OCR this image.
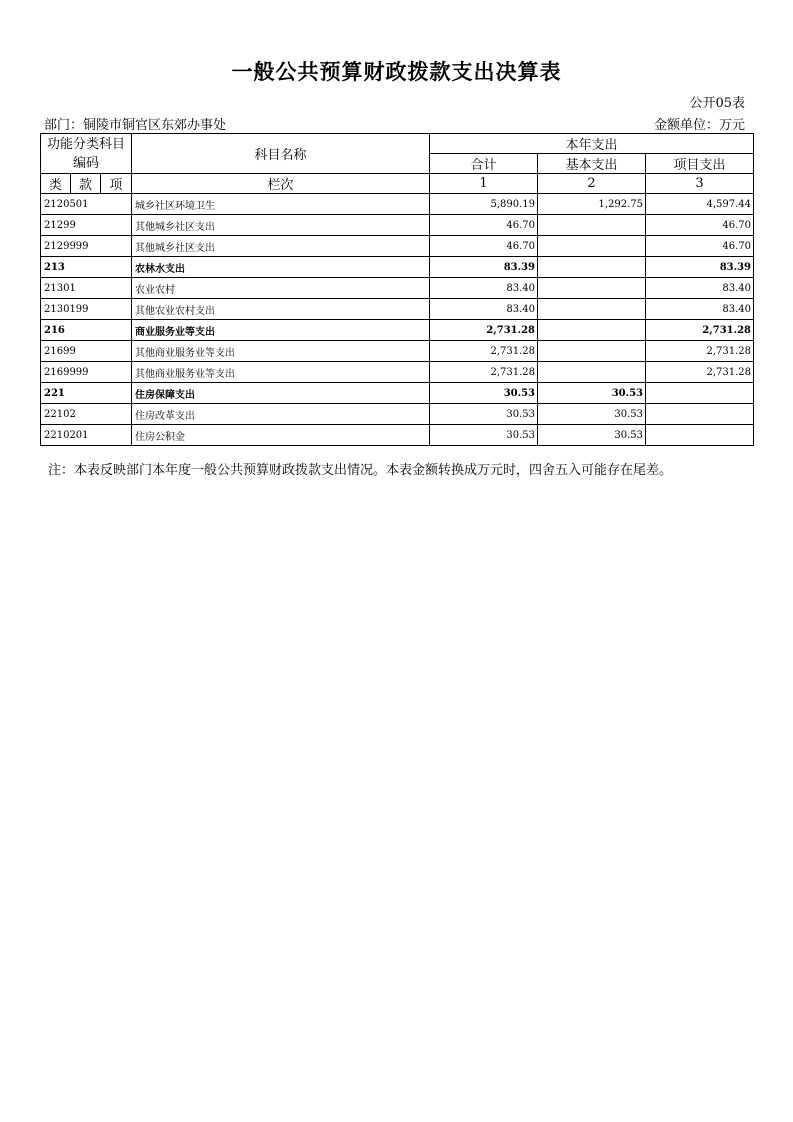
一般公共预算财政拨款支出决算表
公开05表
部门：铜陵市铜官区东郊办事处	金额单位：万元
功能分类科目编码			科目名称	本年支出		
				合计	基本支出	项目支出
类	款	项	栏次	1	2	3
2120501			城乡社区环境卫生	5,890.19	1,292.75	4,597.44
21299			其他城乡社区支出	46.70		46.70
2129999			其他城乡社区支出	46.70		46.70
213			农林水支出	83.39		83.39
21301			农业农村	83.40		83.40
2130199			其他农业农村支出	83.40		83.40
216			商业服务业等支出	2,731.28		2,731.28
21699			其他商业服务业等支出	2,731.28		2,731.28
2169999			其他商业服务业等支出	2,731.28		2,731.28
221			住房保障支出	30.53	30.53	
22102			住房改革支出	30.53	30.53	
2210201			住房公积金	30.53	30.53	
注：本表反映部门本年度一般公共预算财政拨款支出情况。本表金额转换成万元时，四舍五入可能存在尾差。
